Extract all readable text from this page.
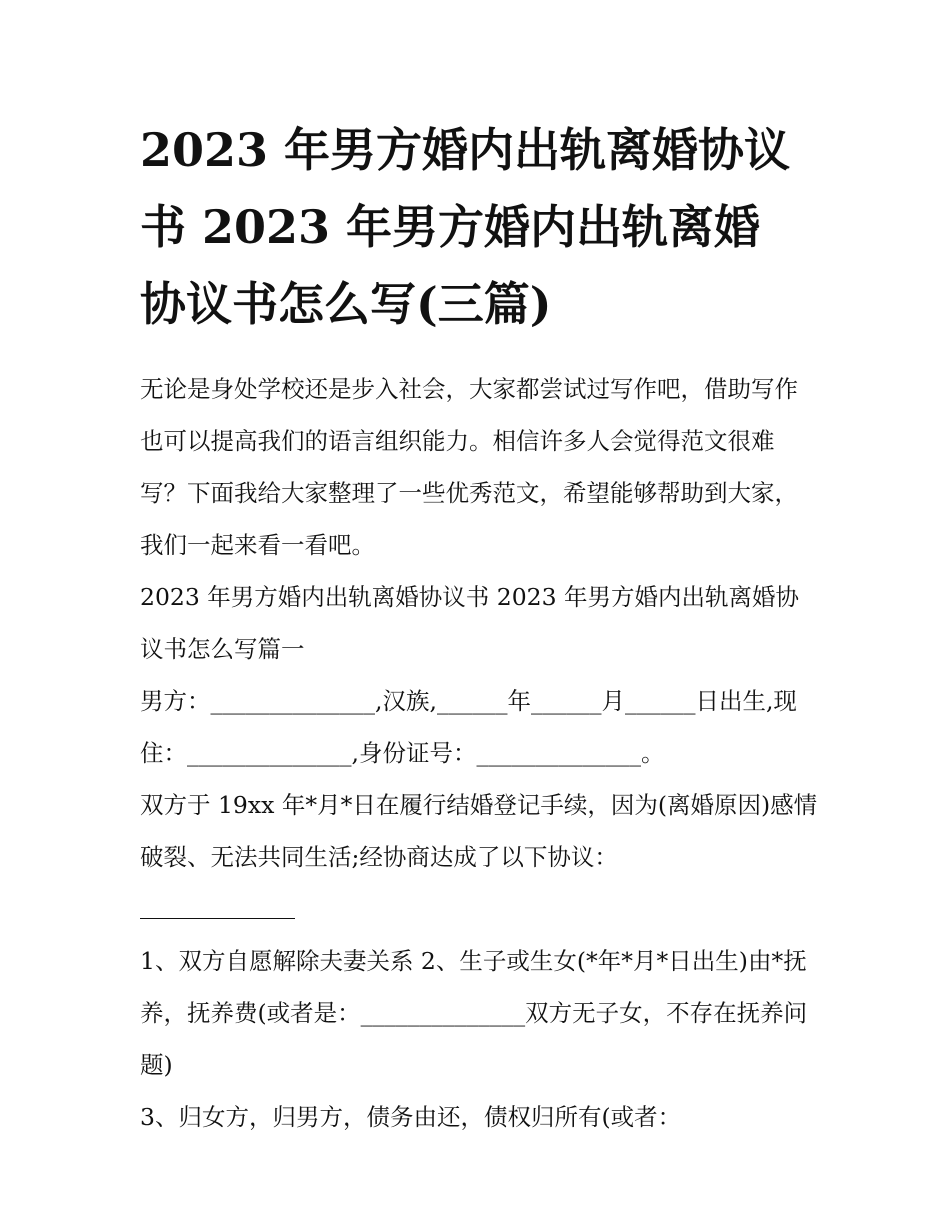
2023 年男方婚内出轨离婚协议
书 2023 年男方婚内出轨离婚
协议书怎么写(三篇)

无论是身处学校还是步入社会，大家都尝试过写作吧，借助写作也可以提高我们的语言组织能力。相信许多人会觉得范文很难写？下面我给大家整理了一些优秀范文，希望能够帮助到大家，我们一起来看一看吧。

2023 年男方婚内出轨离婚协议书 2023 年男方婚内出轨离婚协议书怎么写篇一

男方：______________,汉族,______年______月______日出生,现住：______________,身份证号：______________。

双方于 19xx 年*月*日在履行结婚登记手续，因为(离婚原因)感情破裂、无法共同生活;经协商达成了以下协议：

1、双方自愿解除夫妻关系 2、生子或生女(*年*月*日出生)由*抚养，抚养费(或者是：______________双方无子女，不存在抚养问题)

3、归女方，归男方，债务由还，债权归所有(或者：
